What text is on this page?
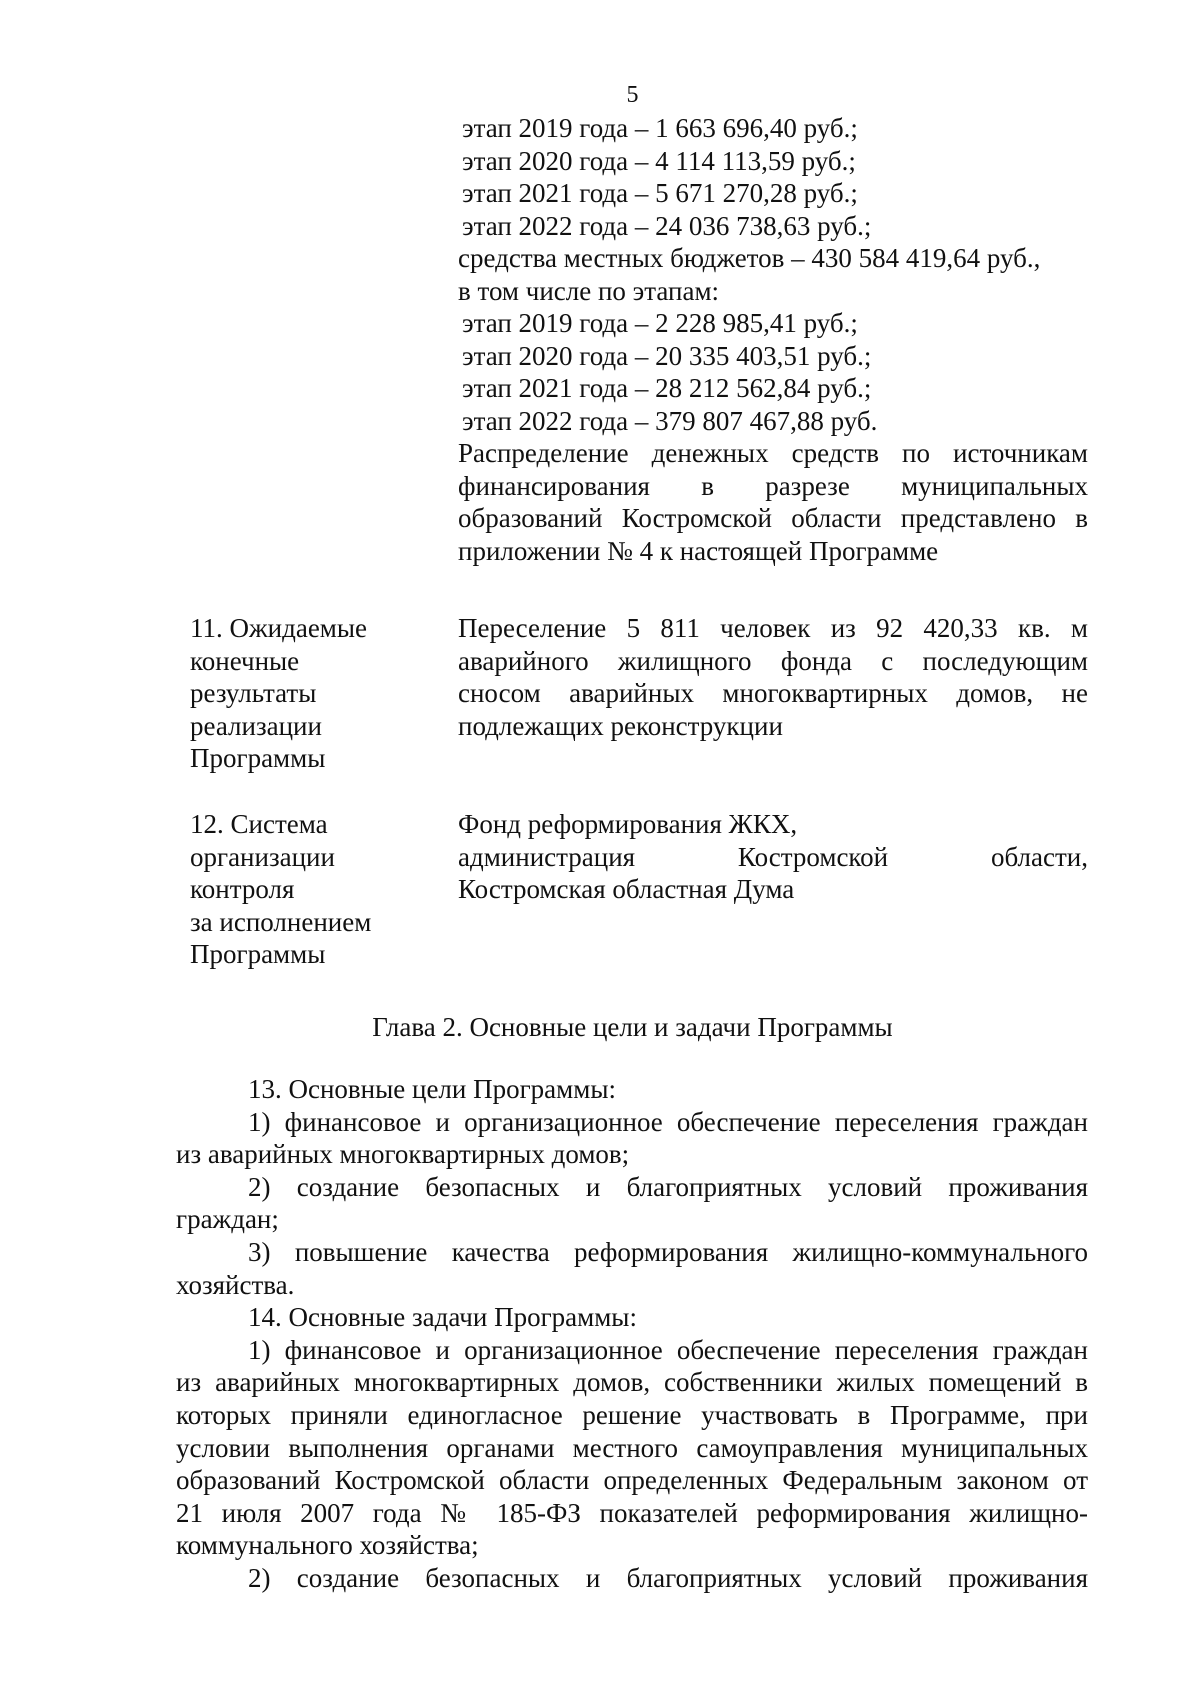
5
этап 2019 года – 1 663 696,40 руб.;
этап 2020 года – 4 114 113,59 руб.;
этап 2021 года – 5 671 270,28 руб.;
этап 2022 года – 24 036 738,63 руб.;
средства местных бюджетов – 430 584 419,64 руб.,
в том числе по этапам:
этап 2019 года – 2 228 985,41 руб.;
этап 2020 года – 20 335 403,51 руб.;
этап 2021 года – 28 212 562,84 руб.;
этап 2022 года – 379 807 467,88 руб.
Распределение денежных средств по источникам
финансирования в разрезе муниципальных
образований Костромской области представлено в
приложении № 4 к настоящей Программе
11. Ожидаемые
конечные
результаты
реализации
Программы
Переселение 5 811 человек из 92 420,33 кв. м
аварийного жилищного фонда с последующим
сносом аварийных многоквартирных домов, не
подлежащих реконструкции
12. Система
организации
контроля
за исполнением
Программы
Фонд реформирования ЖКХ,
администрация Костромской области,
Костромская областная Дума
Глава 2. Основные цели и задачи Программы
13. Основные цели Программы:
1) финансовое и организационное обеспечение переселения граждан
из аварийных многоквартирных домов;
2) создание безопасных и благоприятных условий проживания
граждан;
3) повышение качества реформирования жилищно-коммунального
хозяйства.
14. Основные задачи Программы:
1) финансовое и организационное обеспечение переселения граждан
из аварийных многоквартирных домов, собственники жилых помещений в
которых приняли единогласное решение участвовать в Программе, при
условии выполнения органами местного самоуправления муниципальных
образований Костромской области определенных Федеральным законом от
21 июля 2007 года № 185-ФЗ показателей реформирования жилищно-
коммунального хозяйства;
2) создание безопасных и благоприятных условий проживания
